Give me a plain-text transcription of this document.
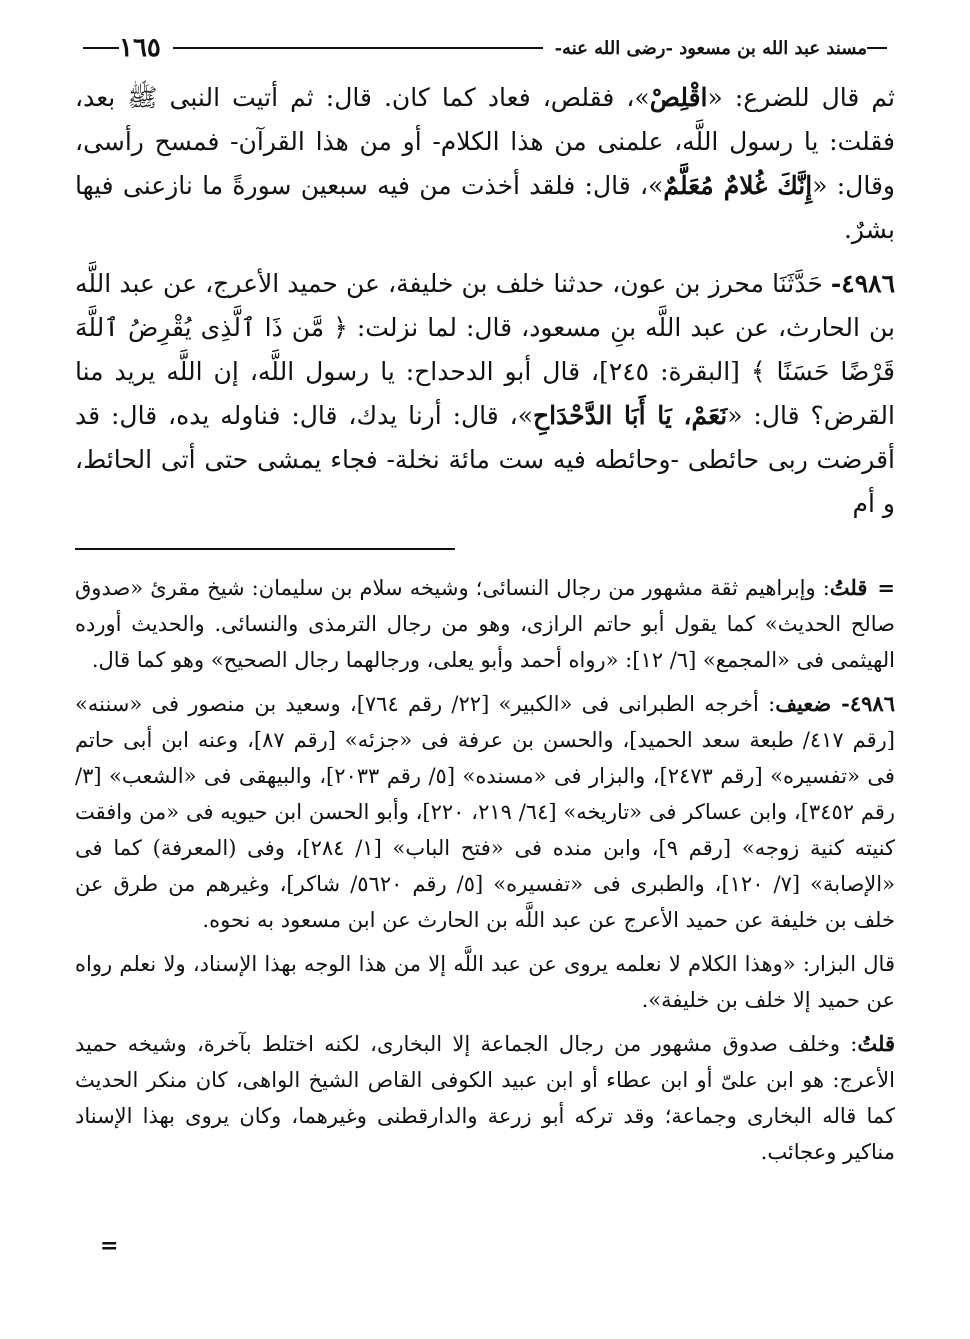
مسند عبد الله بن مسعود -رضى الله عنه-
١٦٥

ثم قال للضرع: «اقْلِصْ»، فقلص، فعاد كما كان. قال: ثم أتيت النبى ﷺ بعد، فقلت: يا رسول اللَّه، علمنى من هذا الكلام- أو من هذا القرآن- فمسح رأسى، وقال: «إِنَّكَ غُلامٌ مُعَلَّمٌ»، قال: فلقد أخذت من فيه سبعين سورةً ما نازعنى فيها بشرٌ.

٤٩٨٦- حَدَّثَنَا محرز بن عون، حدثنا خلف بن خليفة، عن حميد الأعرج، عن عبد اللَّه بن الحارث، عن عبد اللَّه بنِ مسعود، قال: لما نزلت: ﴿ مَّن ذَا ٱلَّذِى يُقْرِضُ ٱللَّهَ قَرْضًا حَسَنًا ﴾ [البقرة: ٢٤٥]، قال أبو الدحداح: يا رسول اللَّه، إن اللَّه يريد منا القرض؟ قال: «نَعَمْ، يَا أَبَا الدَّحْدَاحِ»، قال: أرنا يدك، قال: فناوله يده، قال: قد أقرضت ربى حائطى -وحائطه فيه ست مائة نخلة- فجاء يمشى حتى أتى الحائط، و أم

=قلتُ: وإبراهيم ثقة مشهور من رجال النسائى؛ وشيخه سلام بن سليمان: شيخ مقرئ «صدوق صالح الحديث» كما يقول أبو حاتم الرازى، وهو من رجال الترمذى والنسائى. والحديث أورده الهيثمى فى «المجمع» [٦/ ١٢]: «رواه أحمد وأبو يعلى، ورجالهما رجال الصحيح» وهو كما قال.

٤٩٨٦- ضعيف: أخرجه الطبرانى فى «الكبير» [٢٢/ رقم ٧٦٤]، وسعيد بن منصور فى «سننه» [رقم ٤١٧/ طبعة سعد الحميد]، والحسن بن عرفة فى «جزئه» [رقم ٨٧]، وعنه ابن أبى حاتم فى «تفسيره» [رقم ٢٤٧٣]، والبزار فى «مسنده» [٥/ رقم ٢٠٣٣]، والبيهقى فى «الشعب» [٣/ رقم ٣٤٥٢]، وابن عساكر فى «تاريخه» [٦٤/ ٢١٩، ٢٢٠]، وأبو الحسن ابن حيويه فى «من وافقت كنيته كنية زوجه» [رقم ٩]، وابن منده فى «فتح الباب» [١/ ٢٨٤]، وفى (المعرفة) كما فى «الإصابة» [٧/ ١٢٠]، والطبرى فى «تفسيره» [٥/ رقم ٥٦٢٠/ شاكر]، وغيرهم من طرق عن خلف بن خليفة عن حميد الأعرج عن عبد اللَّه بن الحارث عن ابن مسعود به نحوه.

قال البزار: «وهذا الكلام لا نعلمه يروى عن عبد اللَّه إلا من هذا الوجه بهذا الإسناد، ولا نعلم رواه عن حميد إلا خلف بن خليفة».

قلتُ: وخلف صدوق مشهور من رجال الجماعة إلا البخارى، لكنه اختلط بآخرة، وشيخه حميد الأعرج: هو ابن علىّ أو ابن عطاء أو ابن عبيد الكوفى القاص الشيخ الواهى، كان منكر الحديث كما قاله البخارى وجماعة؛ وقد تركه أبو زرعة والدارقطنى وغيرهما، وكان يروى بهذا الإسناد مناكير وعجائب.

=
